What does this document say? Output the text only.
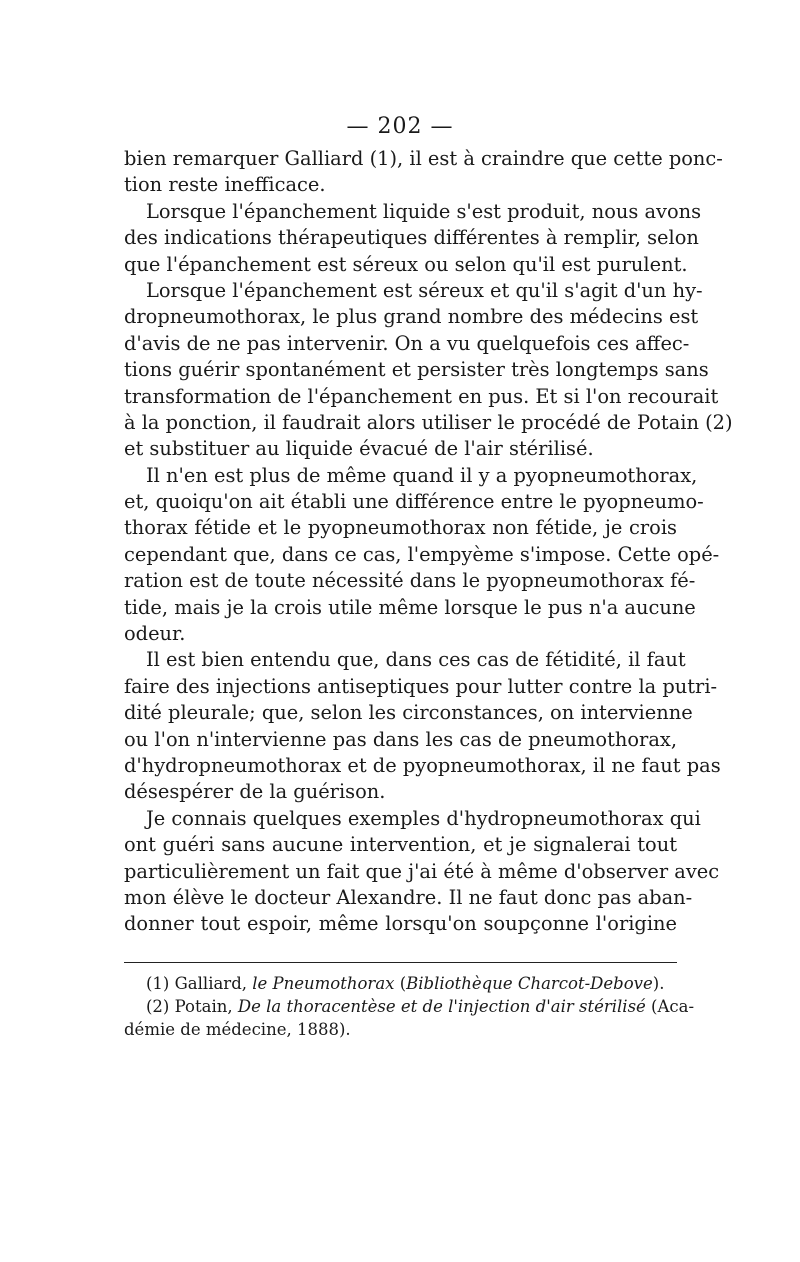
— 202 —
bien remarquer Galliard (1), il est à craindre que cette ponc-
tion reste inefficace.
Lorsque l'épanchement liquide s'est produit, nous avons
des indications thérapeutiques différentes à remplir, selon
que l'épanchement est séreux ou selon qu'il est purulent.
Lorsque l'épanchement est séreux et qu'il s'agit d'un hy-
dropneumothorax, le plus grand nombre des médecins est
d'avis de ne pas intervenir. On a vu quelquefois ces affec-
tions guérir spontanément et persister très longtemps sans
transformation de l'épanchement en pus. Et si l'on recourait
à la ponction, il faudrait alors utiliser le procédé de Potain (2)
et substituer au liquide évacué de l'air stérilisé.
Il n'en est plus de même quand il y a pyopneumothorax,
et, quoiqu'on ait établi une différence entre le pyopneumo-
thorax fétide et le pyopneumothorax non fétide, je crois
cependant que, dans ce cas, l'empyème s'impose. Cette opé-
ration est de toute nécessité dans le pyopneumothorax fé-
tide, mais je la crois utile même lorsque le pus n'a aucune
odeur.
Il est bien entendu que, dans ces cas de fétidité, il faut
faire des injections antiseptiques pour lutter contre la putri-
dité pleurale; que, selon les circonstances, on intervienne
ou l'on n'intervienne pas dans les cas de pneumothorax,
d'hydropneumothorax et de pyopneumothorax, il ne faut pas
désespérer de la guérison.
Je connais quelques exemples d'hydropneumothorax qui
ont guéri sans aucune intervention, et je signalerai tout
particulièrement un fait que j'ai été à même d'observer avec
mon élève le docteur Alexandre. Il ne faut donc pas aban-
donner tout espoir, même lorsqu'on soupçonne l'origine
(1) Galliard, le Pneumothorax (Bibliothèque Charcot-Debove).
(2) Potain, De la thoracentèse et de l'injection d'air stérilisé (Aca-
démie de médecine, 1888).
